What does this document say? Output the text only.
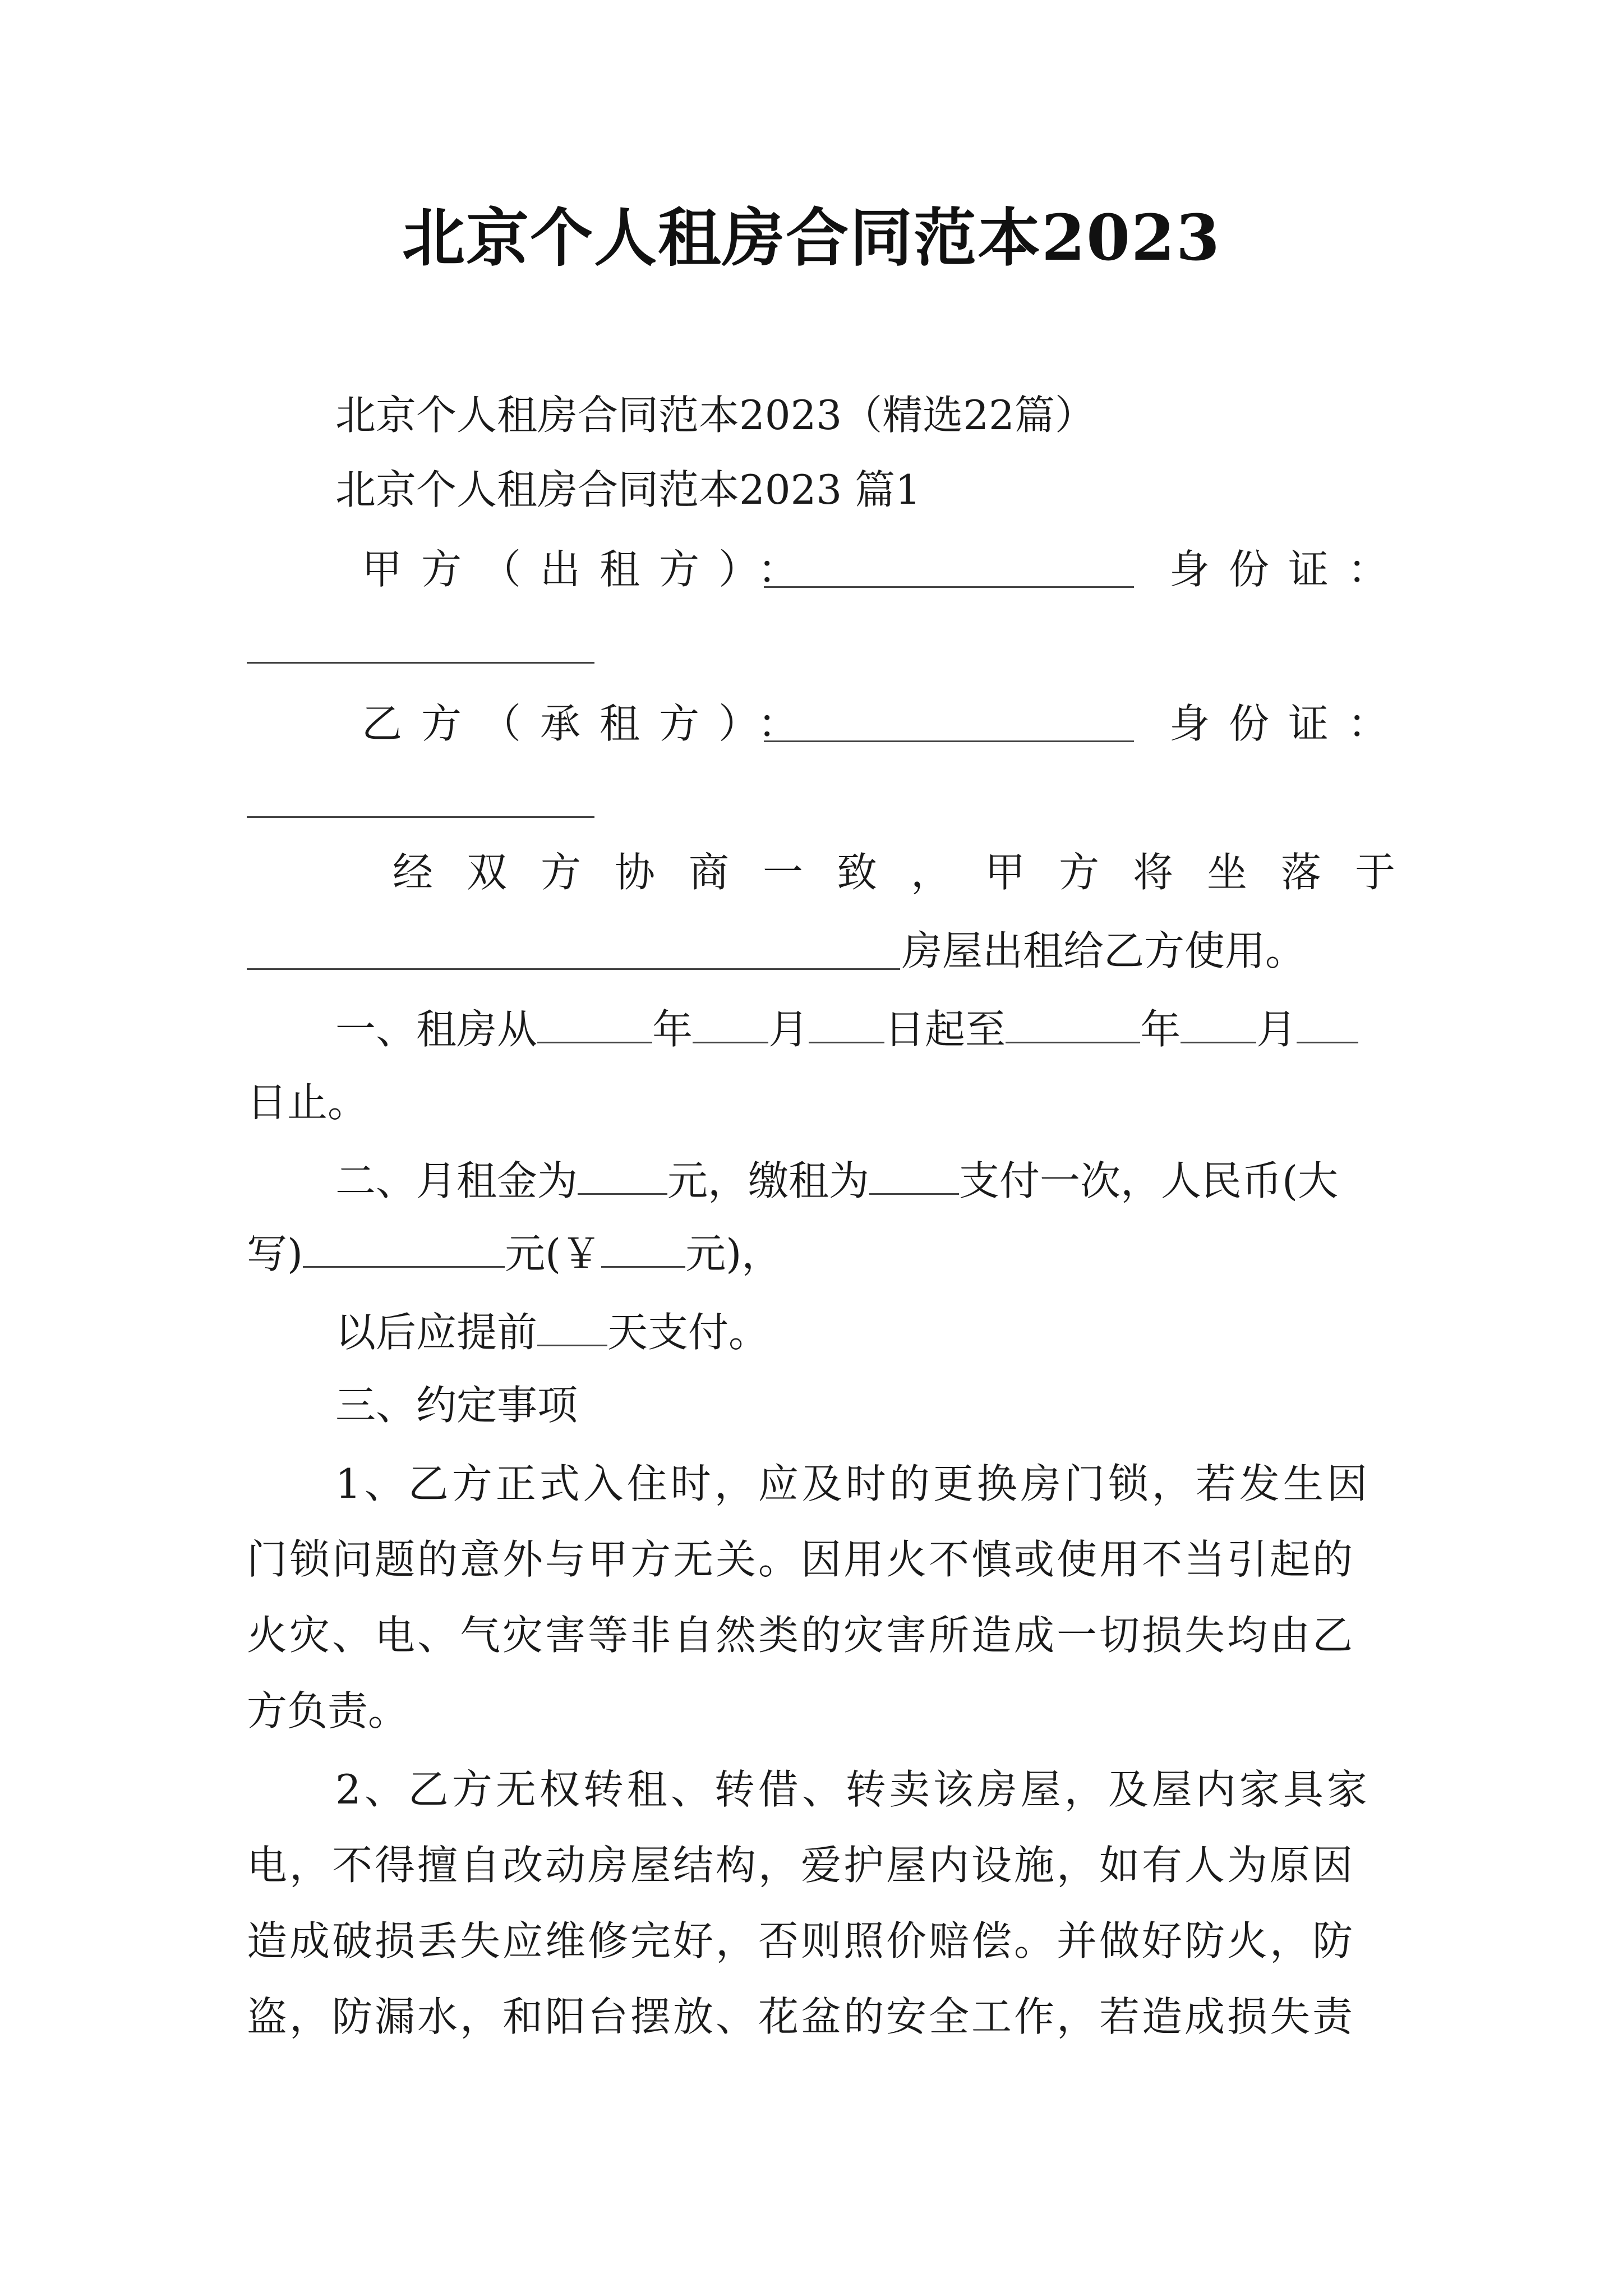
北京个人租房合同范本2023
北京个人租房合同范本2023（精选22篇）
北京个人租房合同范本2023 篇1
甲方（出租方）：	身份证：
乙方（承租方）：	身份证：
经双方协商一致，甲方将坐落于
房屋出租给乙方使用。
一、租房从	年 月 日起至	年 月
日止。
二、月租金为 元，缴租为 支付一次，人民币(大
写)	元(￥ 元)，
以后应提前 天支付。
三、约定事项
1、乙方正式入住时，应及时的更换房门锁，若发生因
门锁问题的意外与甲方无关。因用火不慎或使用不当引起的
火灾、电、气灾害等非自然类的灾害所造成一切损失均由乙
方负责。
2、乙方无权转租、转借、转卖该房屋，及屋内家具家
电，不得擅自改动房屋结构，爱护屋内设施，如有人为原因
造成破损丢失应维修完好，否则照价赔偿。并做好防火，防
盗，防漏水，和阳台摆放、花盆的安全工作，若造成损失责
